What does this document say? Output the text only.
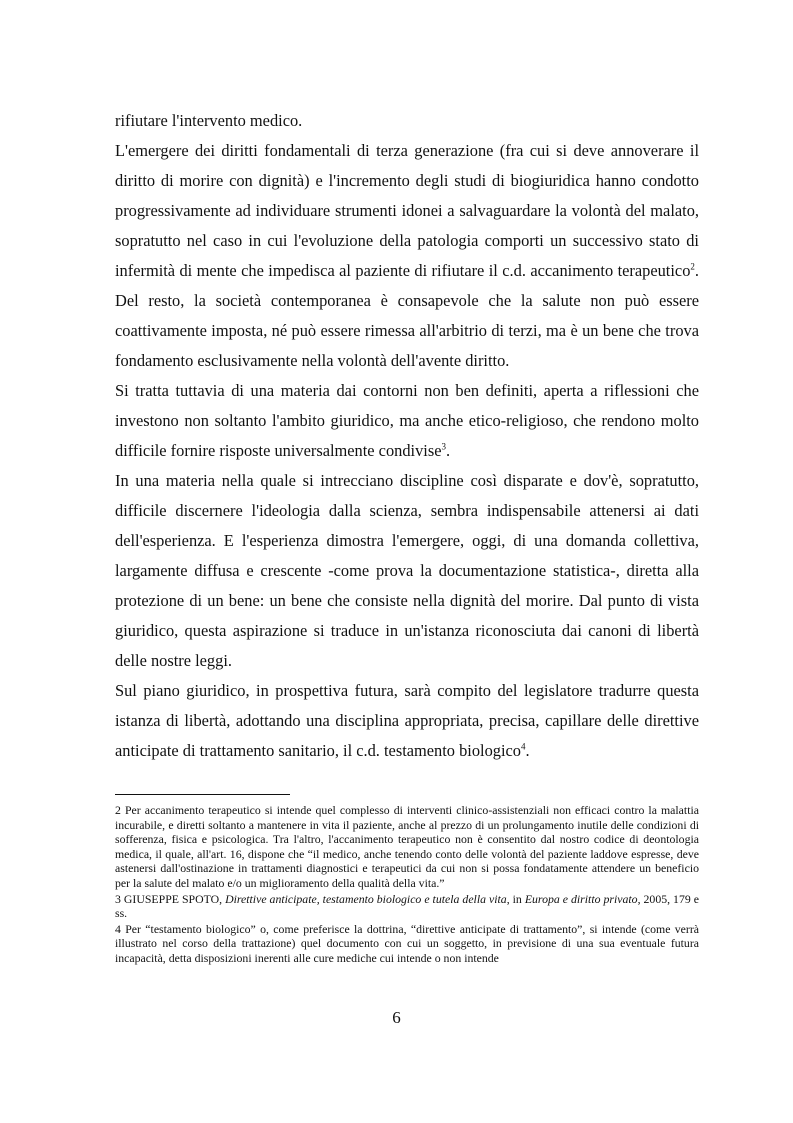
rifiutare l'intervento medico.

L'emergere dei diritti fondamentali di terza generazione (fra cui si deve annoverare il diritto di morire con dignità) e l'incremento degli studi di biogiuridica hanno condotto progressivamente ad individuare strumenti idonei a salvaguardare la volontà del malato, sopratutto nel caso in cui l'evoluzione della patologia comporti un successivo stato di infermità di mente che impedisca al paziente di rifiutare il c.d. accanimento terapeutico$^2$. Del resto, la società contemporanea è consapevole che la salute non può essere coattivamente imposta, né può essere rimessa all'arbitrio di terzi, ma è un bene che trova fondamento esclusivamente nella volontà dell'avente diritto.

Si tratta tuttavia di una materia dai contorni non ben definiti, aperta a riflessioni che investono non soltanto l'ambito giuridico, ma anche etico-religioso, che rendono molto difficile fornire risposte universalmente condivise$^3$.

In una materia nella quale si intrecciano discipline così disparate e dov'è, sopratutto, difficile discernere l'ideologia dalla scienza, sembra indispensabile attenersi ai dati dell'esperienza. E l'esperienza dimostra l'emergere, oggi, di una domanda collettiva, largamente diffusa e crescente -come prova la documentazione statistica-, diretta alla protezione di un bene: un bene che consiste nella dignità del morire. Dal punto di vista giuridico, questa aspirazione si traduce in un'istanza riconosciuta dai canoni di libertà delle nostre leggi.

Sul piano giuridico, in prospettiva futura, sarà compito del legislatore tradurre questa istanza di libertà, adottando una disciplina appropriata, precisa, capillare delle direttive anticipate di trattamento sanitario, il c.d. testamento biologico$^4$.

2 Per accanimento terapeutico si intende quel complesso di interventi clinico-assistenziali non efficaci contro la malattia incurabile, e diretti soltanto a mantenere in vita il paziente, anche al prezzo di un prolungamento inutile delle condizioni di sofferenza, fisica e psicologica. Tra l'altro, l'accanimento terapeutico non è consentito dal nostro codice di deontologia medica, il quale, all'art. 16, dispone che “il medico, anche tenendo conto delle volontà del paziente laddove espresse, deve astenersi dall'ostinazione in trattamenti diagnostici e terapeutici da cui non si possa fondatamente attendere un beneficio per la salute del malato e/o un miglioramento della qualità della vita.”

3 GIUSEPPE SPOTO, Direttive anticipate, testamento biologico e tutela della vita, in Europa e diritto privato, 2005, 179 e ss.

4 Per “testamento biologico” o, come preferisce la dottrina, “direttive anticipate di trattamento”, si intende (come verrà illustrato nel corso della trattazione) quel documento con cui un soggetto, in previsione di una sua eventuale futura incapacità, detta disposizioni inerenti alle cure mediche cui intende o non intende

6
